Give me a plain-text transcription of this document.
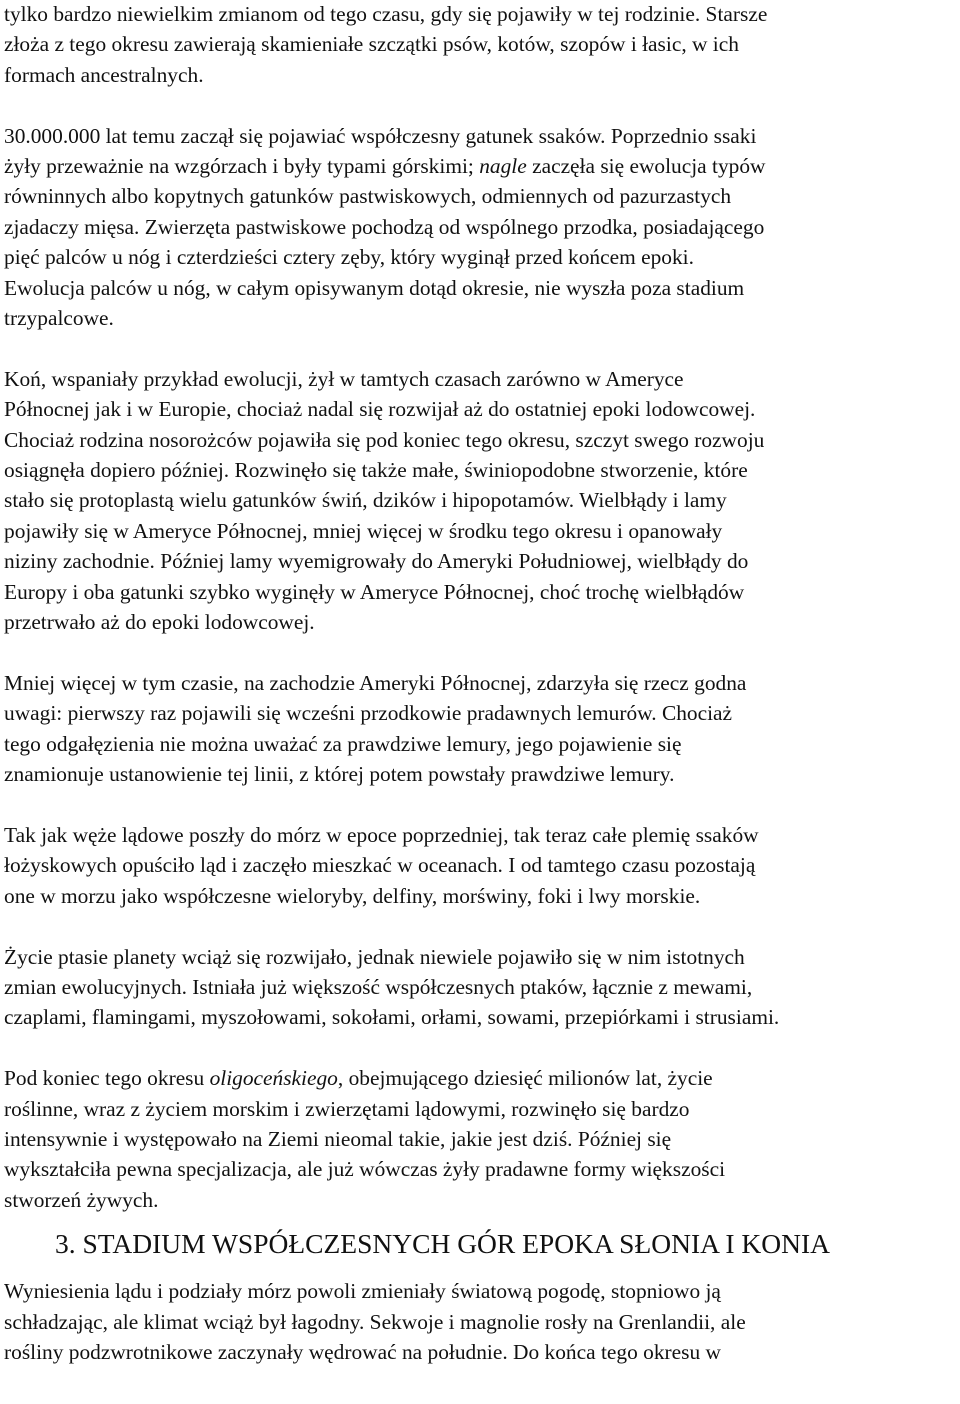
tylko bardzo niewielkim zmianom od tego czasu, gdy się pojawiły w tej rodzinie. Starsze
złoża z tego okresu zawierają skamieniałe szczątki psów, kotów, szopów i łasic, w ich
formach ancestralnych.

30.000.000 lat temu zaczął się pojawiać współczesny gatunek ssaków. Poprzednio ssaki
żyły przeważnie na wzgórzach i były typami górskimi; nagle zaczęła się ewolucja typów
równinnych albo kopytnych gatunków pastwiskowych, odmiennych od pazurzastych
zjadaczy mięsa. Zwierzęta pastwiskowe pochodzą od wspólnego przodka, posiadającego
pięć palców u nóg i czterdzieści cztery zęby, który wyginął przed końcem epoki.
Ewolucja palców u nóg, w całym opisywanym dotąd okresie, nie wyszła poza stadium
trzypalcowe.

Koń, wspaniały przykład ewolucji, żył w tamtych czasach zarówno w Ameryce
Północnej jak i w Europie, chociaż nadal się rozwijał aż do ostatniej epoki lodowcowej.
Chociaż rodzina nosorożców pojawiła się pod koniec tego okresu, szczyt swego rozwoju
osiągnęła dopiero później. Rozwinęło się także małe, świniopodobne stworzenie, które
stało się protoplastą wielu gatunków świń, dzików i hipopotamów. Wielbłądy i lamy
pojawiły się w Ameryce Północnej, mniej więcej w środku tego okresu i opanowały
niziny zachodnie. Później lamy wyemigrowały do Ameryki Południowej, wielbłądy do
Europy i oba gatunki szybko wyginęły w Ameryce Północnej, choć trochę wielbłądów
przetrwało aż do epoki lodowcowej.

Mniej więcej w tym czasie, na zachodzie Ameryki Północnej, zdarzyła się rzecz godna
uwagi: pierwszy raz pojawili się wcześni przodkowie pradawnych lemurów. Chociaż
tego odgałęzienia nie można uważać za prawdziwe lemury, jego pojawienie się
znamionuje ustanowienie tej linii, z której potem powstały prawdziwe lemury.

Tak jak węże lądowe poszły do mórz w epoce poprzedniej, tak teraz całe plemię ssaków
łożyskowych opuściło ląd i zaczęło mieszkać w oceanach. I od tamtego czasu pozostają
one w morzu jako współczesne wieloryby, delfiny, morświny, foki i lwy morskie.

Życie ptasie planety wciąż się rozwijało, jednak niewiele pojawiło się w nim istotnych
zmian ewolucyjnych. Istniała już większość współczesnych ptaków, łącznie z mewami,
czaplami, flamingami, myszołowami, sokołami, orłami, sowami, przepiórkami i strusiami.

Pod koniec tego okresu oligoceńskiego, obejmującego dziesięć milionów lat, życie
roślinne, wraz z życiem morskim i zwierzętami lądowymi, rozwinęło się bardzo
intensywnie i występowało na Ziemi nieomal takie, jakie jest dziś. Później się
wykształciła pewna specjalizacja, ale już wówczas żyły pradawne formy większości
stworzeń żywych.

3. STADIUM WSPÓŁCZESNYCH GÓR EPOKA SŁONIA I KONIA

Wyniesienia lądu i podziały mórz powoli zmieniały światową pogodę, stopniowo ją
schładzając, ale klimat wciąż był łagodny. Sekwoje i magnolie rosły na Grenlandii, ale
rośliny podzwrotnikowe zaczynały wędrować na południe. Do końca tego okresu w
